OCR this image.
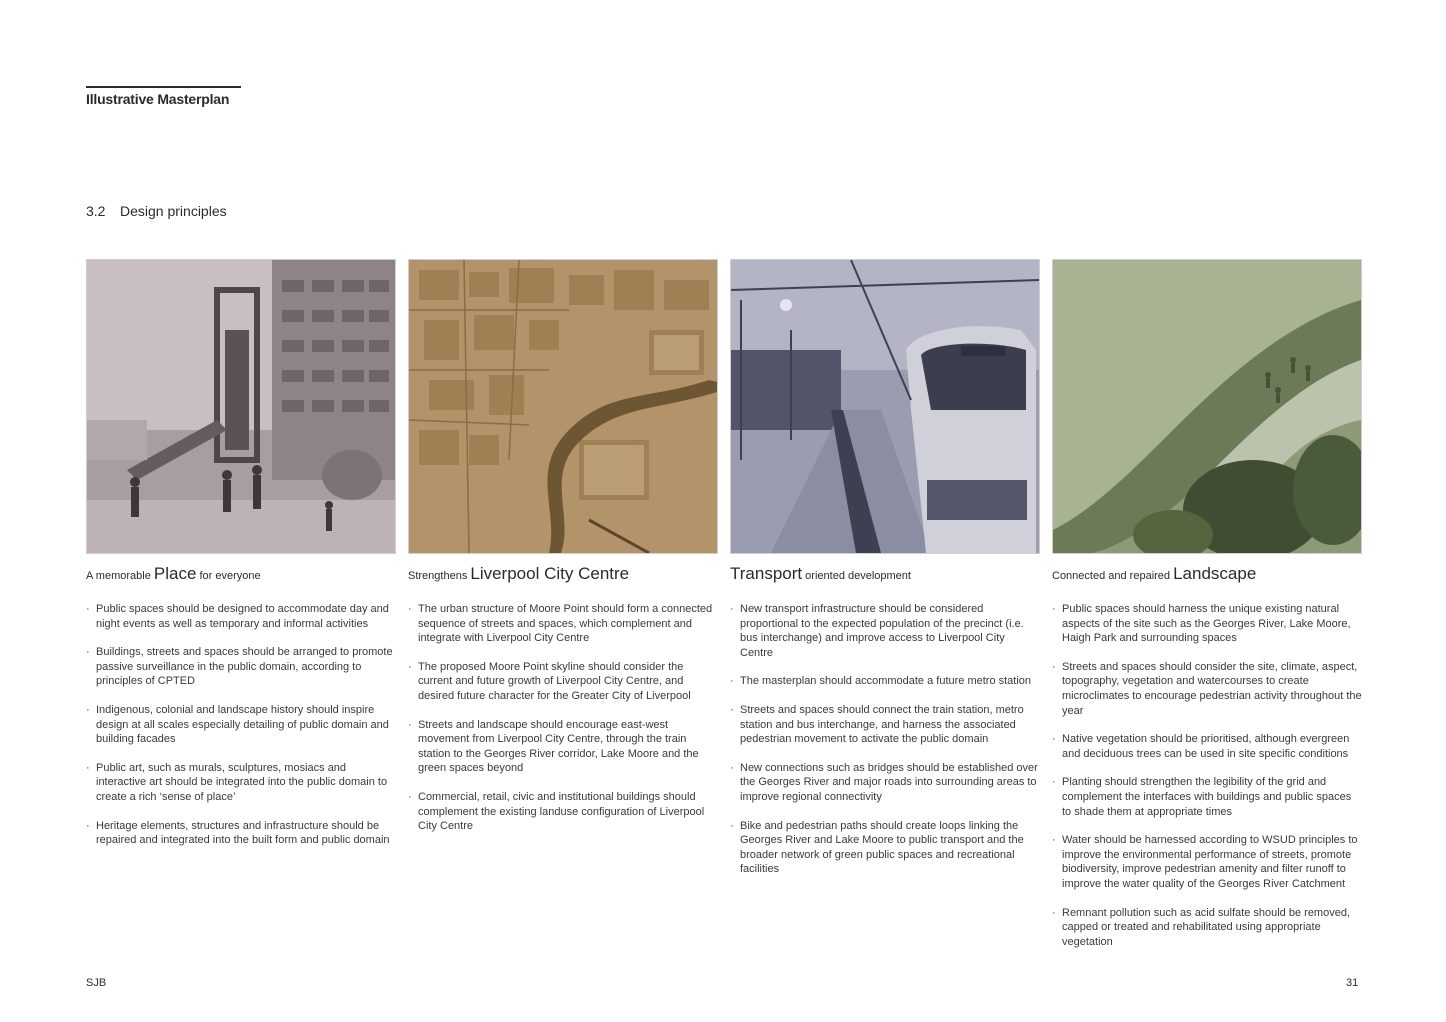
Illustrative Masterplan
3.2 Design principles
A memorable Place for everyone
· Public spaces should be designed to accommodate day and night events as well as temporary and informal activities
· Buildings, streets and spaces should be arranged to promote passive surveillance in the public domain, according to principles of CPTED
· Indigenous, colonial and landscape history should inspire design at all scales especially detailing of public domain and building facades
· Public art, such as murals, sculptures, mosiacs and interactive art should be integrated into the public domain to create a rich ‘sense of place’
· Heritage elements, structures and infrastructure should be repaired and integrated into the built form and public domain
Strengthens Liverpool City Centre
· The urban structure of Moore Point should form a connected sequence of streets and spaces, which complement and integrate with Liverpool City Centre
· The proposed Moore Point skyline should consider the current and future growth of Liverpool City Centre, and desired future character for the Greater City of Liverpool
· Streets and landscape should encourage east-west movement from Liverpool City Centre, through the train station to the Georges River corridor, Lake Moore and the green spaces beyond
· Commercial, retail, civic and institutional buildings should complement the existing landuse configuration of Liverpool City Centre
Transport oriented development
· New transport infrastructure should be considered proportional to the expected population of the precinct (i.e. bus interchange) and improve access to Liverpool City Centre
· The masterplan should accommodate a future metro station
· Streets and spaces should connect the train station, metro station and bus interchange, and harness the associated pedestrian movement to activate the public domain
· New connections such as bridges should be established over the Georges River and major roads into surrounding areas to improve regional connectivity
· Bike and pedestrian paths should create loops linking the Georges River and Lake Moore to public transport and the broader network of green public spaces and recreational facilities
Connected and repaired Landscape
· Public spaces should harness the unique existing natural aspects of the site such as the Georges River, Lake Moore, Haigh Park and surrounding spaces
· Streets and spaces should consider the site, climate, aspect, topography, vegetation and watercourses to create microclimates to encourage pedestrian activity throughout the year
· Native vegetation should be prioritised, although evergreen and deciduous trees can be used in site specific conditions
· Planting should strengthen the legibility of the grid and complement the interfaces with buildings and public spaces to shade them at appropriate times
· Water should be harnessed according to WSUD principles to improve the environmental performance of streets, promote biodiversity, improve pedestrian amenity and filter runoff to improve the water quality of the Georges River Catchment
· Remnant pollution such as acid sulfate should be removed, capped or treated and rehabilitated using appropriate vegetation
SJB	31
